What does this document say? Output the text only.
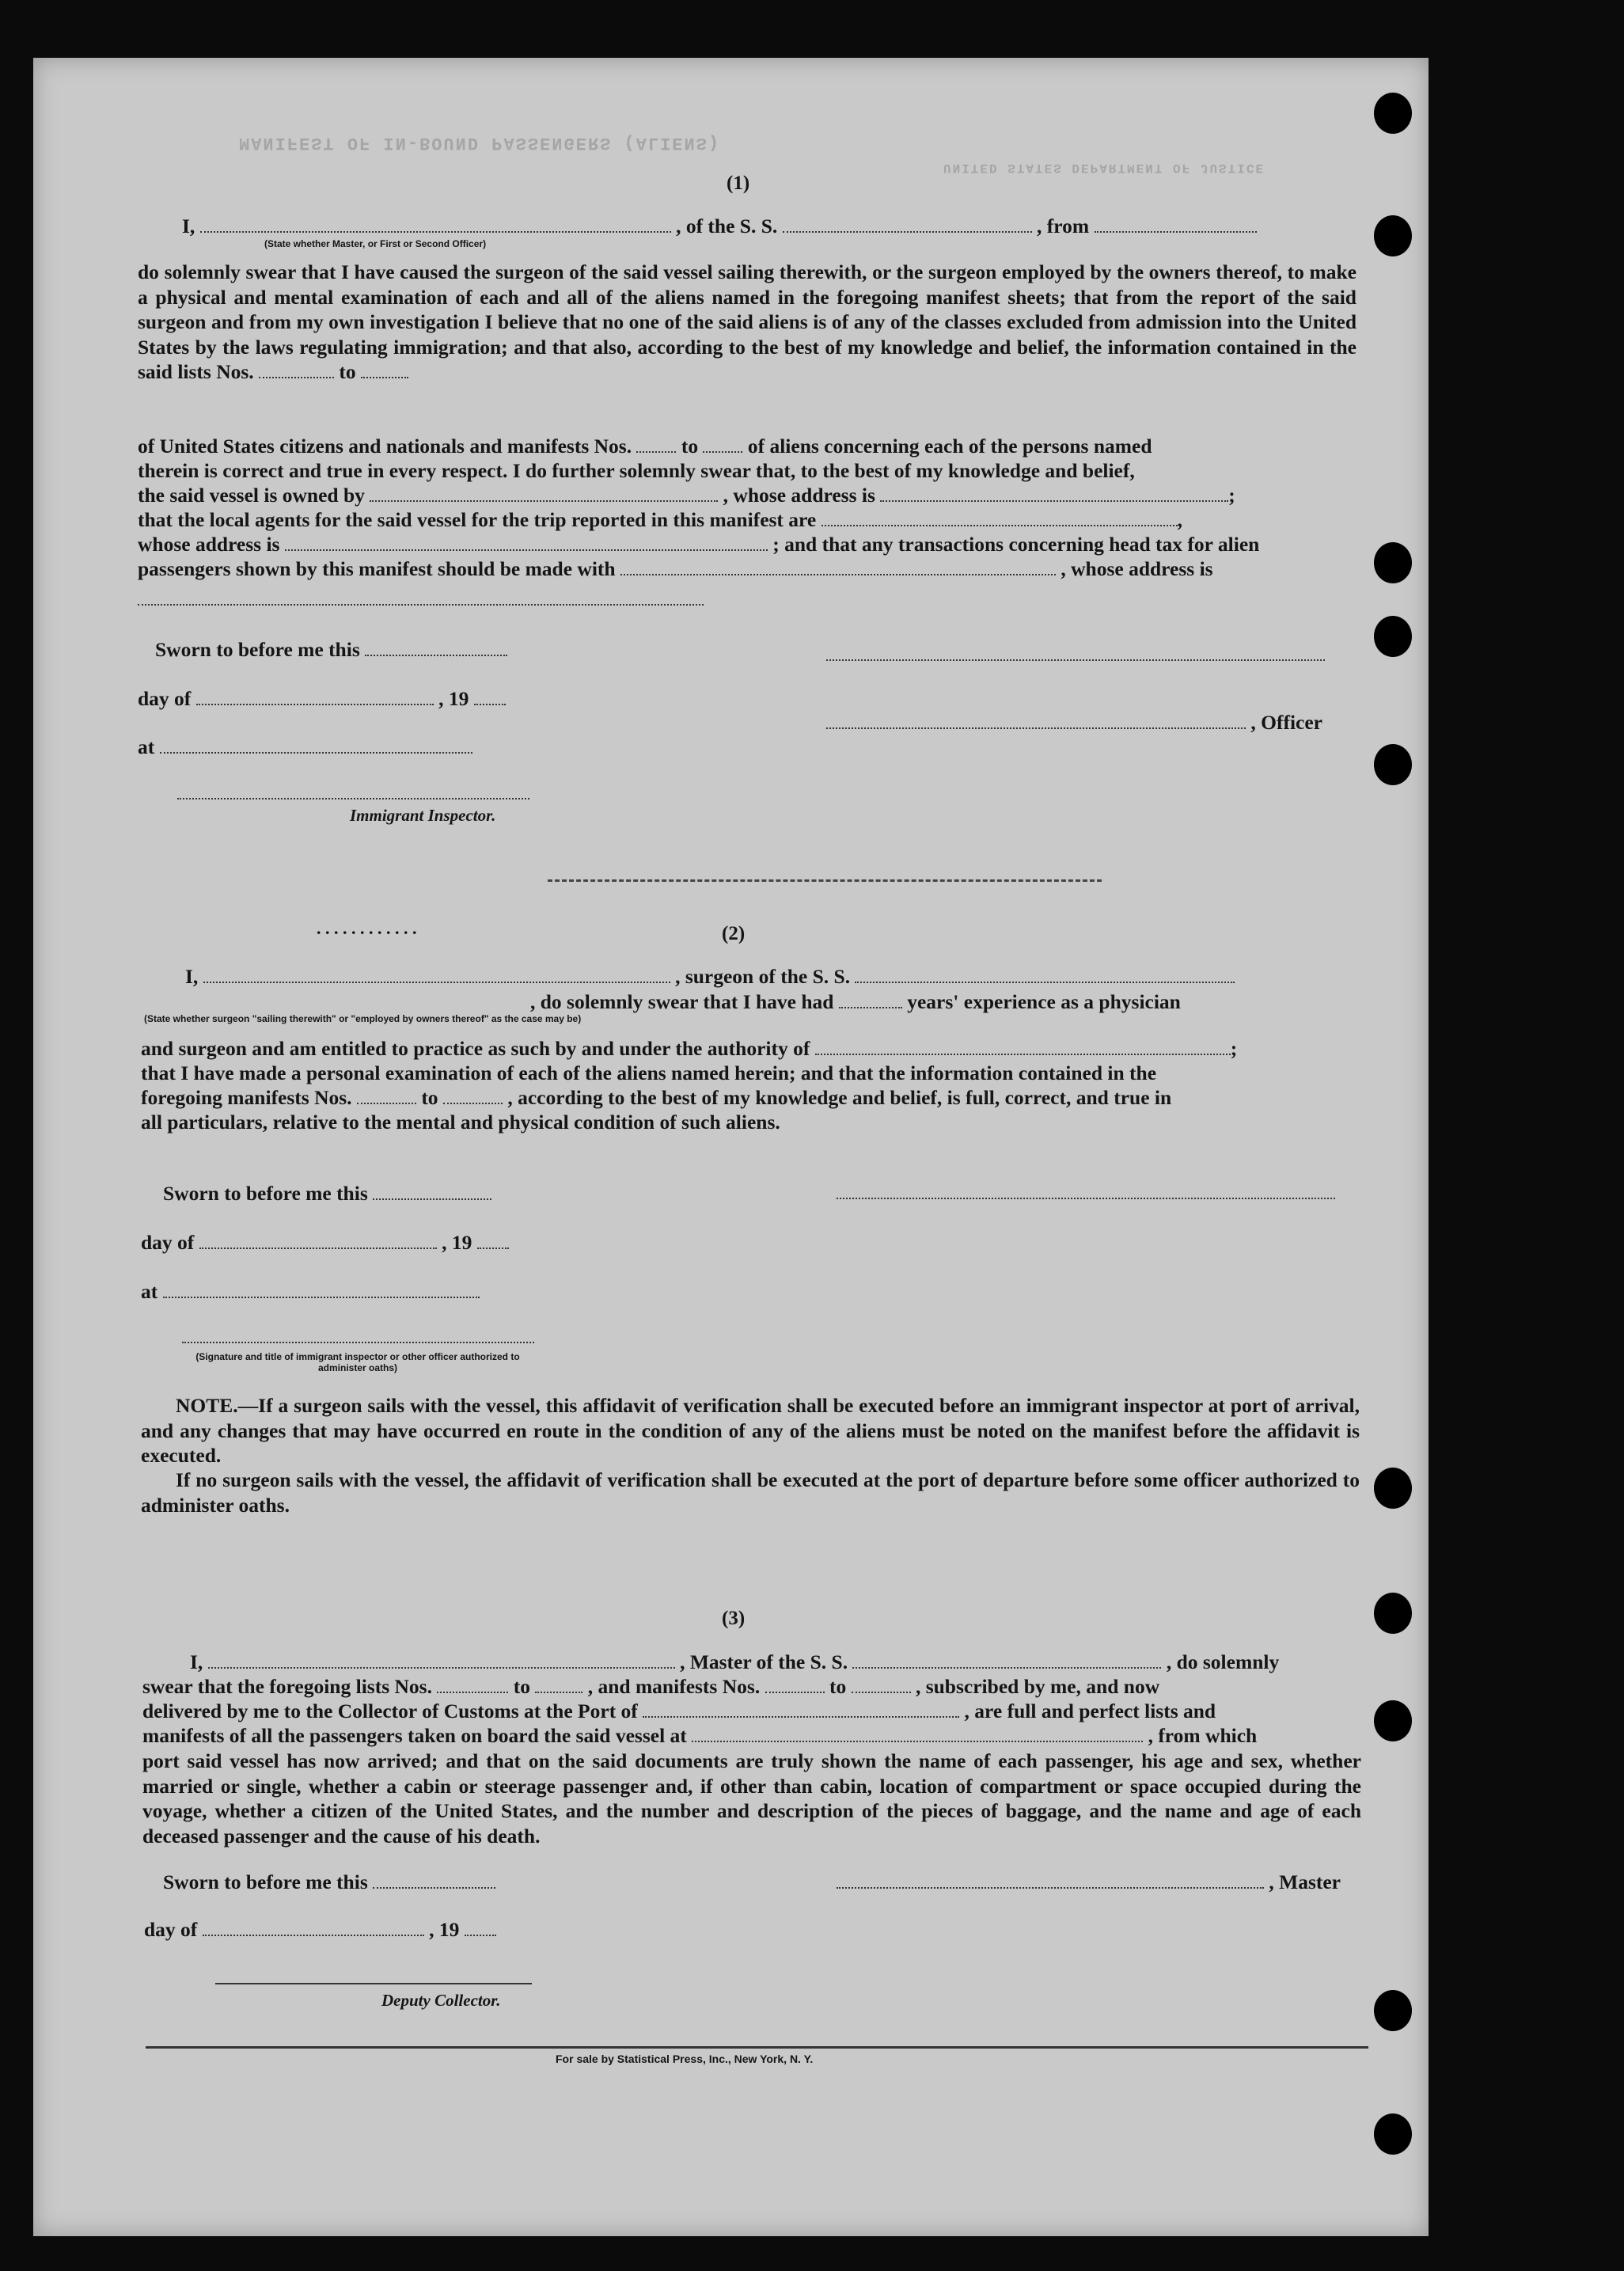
MANIFEST OF IN-BOUND PASSENGERS (ALIENS)
UNITED STATES DEPARTMENT OF JUSTICE
(1)
I,	, of the S. S.	, from
(State whether Master, or First or Second Officer)
do solemnly swear that I have caused the surgeon of the said vessel sailing therewith, or the surgeon employed by the owners thereof, to make a physical and mental examination of each and all of the aliens named in the foregoing manifest sheets; that from the report of the said surgeon and from my own investigation I believe that no one of the said aliens is of any of the classes excluded from admission into the United States by the laws regulating immigration; and that also, according to the best of my knowledge and belief, the information contained in the said lists Nos.	to
of United States citizens and nationals and manifests Nos. to of aliens concerning each of the persons named
therein is correct and true in every respect. I do further solemnly swear that, to the best of my knowledge and belief,
the said vessel is owned by	, whose address is	;
that the local agents for the said vessel for the trip reported in this manifest are	,
whose address is	; and that any transactions concerning head tax for alien
passengers shown by this manifest should be made with	, whose address is
Sworn to before me this
day of	, 19
, Officer
at
Immigrant Inspector.
. . . . . . . . . . . .	(2)
I,	, surgeon of the S. S.
, do solemnly swear that I have had	years' experience as a physician
(State whether surgeon "sailing therewith" or "employed by owners thereof" as the case may be)
and surgeon and am entitled to practice as such by and under the authority of	;
that I have made a personal examination of each of the aliens named herein; and that the information contained in the
foregoing manifests Nos.	to	, according to the best of my knowledge and belief, is full, correct, and true in
all particulars, relative to the mental and physical condition of such aliens.
Sworn to before me this
day of	, 19
at
(Signature and title of immigrant inspector or other officer authorized to administer oaths)
NOTE.—If a surgeon sails with the vessel, this affidavit of verification shall be executed before an immigrant inspector at port of arrival, and any changes that may have occurred en route in the condition of any of the aliens must be noted on the manifest before the affidavit is executed.
If no surgeon sails with the vessel, the affidavit of verification shall be executed at the port of departure before some officer authorized to administer oaths.
(3)
I,	, Master of the S. S.	, do solemnly
swear that the foregoing lists Nos.	to	, and manifests Nos.	to	, subscribed by me, and now
delivered by me to the Collector of Customs at the Port of	, are full and perfect lists and
manifests of all the passengers taken on board the said vessel at	, from which
port said vessel has now arrived; and that on the said documents are truly shown the name of each passenger, his age and sex, whether married or single, whether a cabin or steerage passenger and, if other than cabin, location of compartment or space occupied during the voyage, whether a citizen of the United States, and the number and description of the pieces of baggage, and the name and age of each deceased passenger and the cause of his death.
Sworn to before me this	, Master
day of	, 19
Deputy Collector.
For sale by Statistical Press, Inc., New York, N. Y.
